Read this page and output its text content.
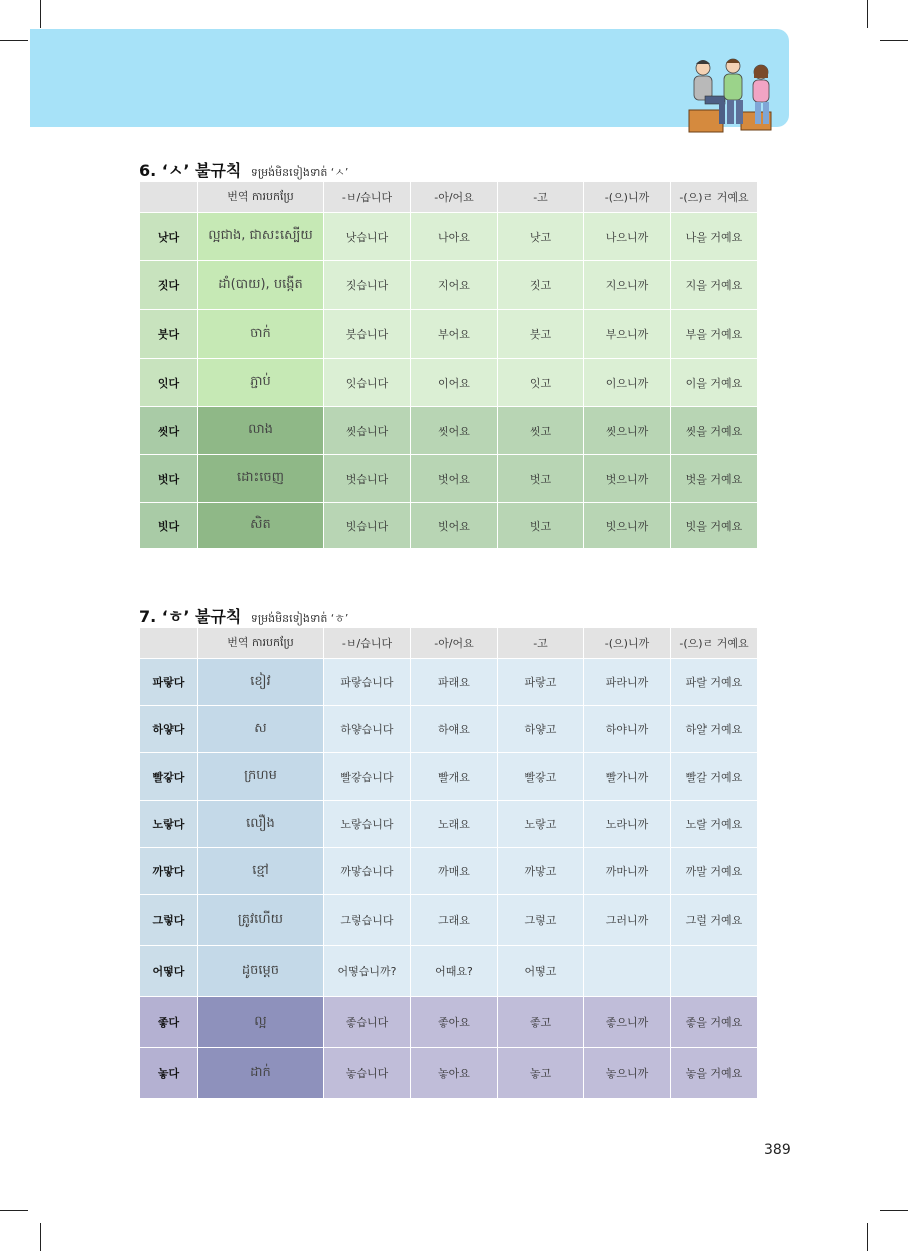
6. ‘ㅅ’ 불규칙 ទម្រង់មិនទៀងទាត់ ‘ㅅ’
	번역 ការបកប្រែ	-ㅂ/습니다	-아/어요	-고	-(으)니까	-(으)ㄹ 거예요
낫다	ល្អជាង, ជាសះស្បើយ	낫습니다	나아요	낫고	나으니까	나을 거예요
짓다	ដាំ(បាយ), បង្កើត	짓습니다	지어요	짓고	지으니까	지을 거예요
붓다	ចាក់	붓습니다	부어요	붓고	부으니까	부을 거예요
잇다	ភ្ជាប់	잇습니다	이어요	잇고	이으니까	이을 거예요
씻다	លាង	씻습니다	씻어요	씻고	씻으니까	씻을 거예요
벗다	ដោះចេញ	벗습니다	벗어요	벗고	벗으니까	벗을 거예요
빗다	សិត	빗습니다	빗어요	빗고	빗으니까	빗을 거예요
7. ‘ㅎ’ 불규칙 ទម្រង់មិនទៀងទាត់ ‘ㅎ’
	번역 ការបកប្រែ	-ㅂ/습니다	-아/어요	-고	-(으)니까	-(으)ㄹ 거예요
파랗다	ខៀវ	파랗습니다	파래요	파랗고	파라니까	파랄 거예요
하얗다	ស	하얗습니다	하얘요	하얗고	하야니까	하얄 거예요
빨갛다	ក្រហម	빨갛습니다	빨개요	빨갛고	빨가니까	빨갈 거예요
노랗다	លឿង	노랗습니다	노래요	노랗고	노라니까	노랄 거예요
까맣다	ខ្មៅ	까맣습니다	까매요	까맣고	까마니까	까말 거예요
그렇다	ត្រូវហើយ	그렇습니다	그래요	그렇고	그러니까	그럴 거예요
어떻다	ដូចម្តេច	어떻습니까?	어때요?	어떻고		
좋다	ល្អ	좋습니다	좋아요	좋고	좋으니까	좋을 거예요
놓다	ដាក់	놓습니다	놓아요	놓고	놓으니까	놓을 거예요
389
